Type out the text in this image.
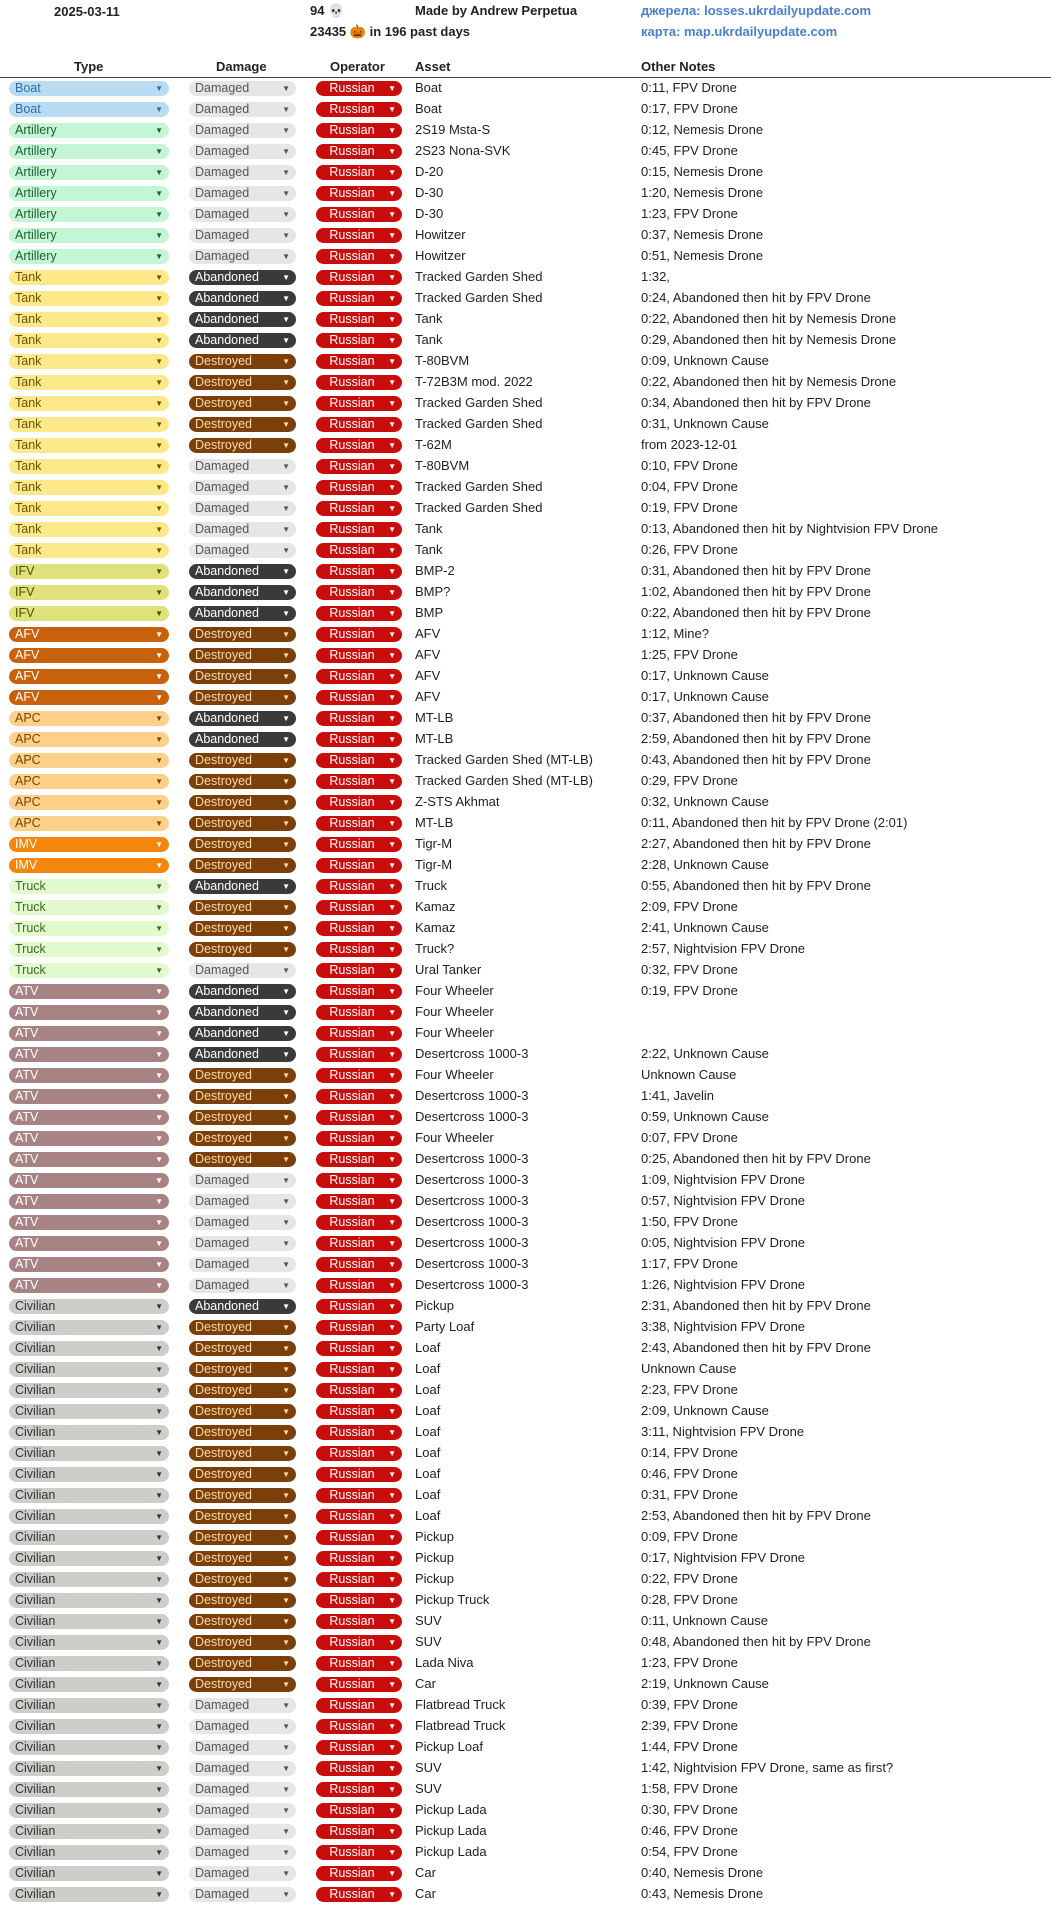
2025-03-11	94 💀
23435 🎃 in 196 past days
Made by Andrew Perpetua	джерела: losses.ukrdailyupdate.com
карта: map.ukrdailyupdate.com
Type	Damage	Operator Asset	Other Notes
Boat	▼	Damaged	▼	Russian ▼ Boat	0:11, FPV Drone
Boat	▼	Damaged	▼	Russian ▼ Boat	0:17, FPV Drone
Artillery	▼	Damaged	▼	Russian ▼ 2S19 Msta-S	0:12, Nemesis Drone
Artillery	▼	Damaged	▼	Russian ▼ 2S23 Nona-SVK	0:45, FPV Drone
Artillery	▼	Damaged	▼	Russian ▼ D-20	0:15, Nemesis Drone
Artillery	▼	Damaged	▼	Russian ▼ D-30	1:20, Nemesis Drone
Artillery	▼	Damaged	▼	Russian ▼ D-30	1:23, FPV Drone
Artillery	▼	Damaged	▼	Russian ▼ Howitzer	0:37, Nemesis Drone
Artillery	▼	Damaged	▼	Russian ▼ Howitzer	0:51, Nemesis Drone
Tank	▼	Abandoned	▼	Russian ▼ Tracked Garden Shed	1:32,
Tank	▼	Abandoned	▼	Russian ▼ Tracked Garden Shed	0:24, Abandoned then hit by FPV Drone
Tank	▼	Abandoned	▼	Russian ▼ Tank	0:22, Abandoned then hit by Nemesis Drone
Tank	▼	Abandoned	▼	Russian ▼ Tank	0:29, Abandoned then hit by Nemesis Drone
Tank	▼	Destroyed	▼	Russian ▼ T-80BVM	0:09, Unknown Cause
Tank	▼	Destroyed	▼	Russian ▼ T-72B3M mod. 2022	0:22, Abandoned then hit by Nemesis Drone
Tank	▼	Destroyed	▼	Russian ▼ Tracked Garden Shed	0:34, Abandoned then hit by FPV Drone
Tank	▼	Destroyed	▼	Russian ▼ Tracked Garden Shed	0:31, Unknown Cause
Tank	▼	Destroyed	▼	Russian ▼ T-62M	from 2023-12-01
Tank	▼	Damaged	▼	Russian ▼ T-80BVM	0:10, FPV Drone
Tank	▼	Damaged	▼	Russian ▼ Tracked Garden Shed	0:04, FPV Drone
Tank	▼	Damaged	▼	Russian ▼ Tracked Garden Shed	0:19, FPV Drone
Tank	▼	Damaged	▼	Russian ▼ Tank	0:13, Abandoned then hit by Nightvision FPV Drone
Tank	▼	Damaged	▼	Russian ▼ Tank	0:26, FPV Drone
IFV	▼	Abandoned	▼	Russian ▼ BMP-2	0:31, Abandoned then hit by FPV Drone
IFV	▼	Abandoned	▼	Russian ▼ BMP?	1:02, Abandoned then hit by FPV Drone
IFV	▼	Abandoned	▼	Russian ▼ BMP	0:22, Abandoned then hit by FPV Drone
AFV	▼	Destroyed	▼	Russian ▼ AFV	1:12, Mine?
AFV	▼	Destroyed	▼	Russian ▼ AFV	1:25, FPV Drone
AFV	▼	Destroyed	▼	Russian ▼ AFV	0:17, Unknown Cause
AFV	▼	Destroyed	▼	Russian ▼ AFV	0:17, Unknown Cause
APC	▼	Abandoned	▼	Russian ▼ MT-LB	0:37, Abandoned then hit by FPV Drone
APC	▼	Abandoned	▼	Russian ▼ MT-LB	2:59, Abandoned then hit by FPV Drone
APC	▼	Destroyed	▼	Russian ▼ Tracked Garden Shed (MT-LB)	0:43, Abandoned then hit by FPV Drone
APC	▼	Destroyed	▼	Russian ▼ Tracked Garden Shed (MT-LB)	0:29, FPV Drone
APC	▼	Destroyed	▼	Russian ▼ Z-STS Akhmat	0:32, Unknown Cause
APC	▼	Destroyed	▼	Russian ▼ MT-LB	0:11, Abandoned then hit by FPV Drone (2:01)
IMV	▼	Destroyed	▼	Russian ▼ Tigr-M	2:27, Abandoned then hit by FPV Drone
IMV	▼	Destroyed	▼	Russian ▼ Tigr-M	2:28, Unknown Cause
Truck	▼	Abandoned	▼	Russian ▼ Truck	0:55, Abandoned then hit by FPV Drone
Truck	▼	Destroyed	▼	Russian ▼ Kamaz	2:09, FPV Drone
Truck	▼	Destroyed	▼	Russian ▼ Kamaz	2:41, Unknown Cause
Truck	▼	Destroyed	▼	Russian ▼ Truck?	2:57, Nightvision FPV Drone
Truck	▼	Damaged	▼	Russian ▼ Ural Tanker	0:32, FPV Drone
ATV	▼	Abandoned	▼	Russian ▼ Four Wheeler	0:19, FPV Drone
ATV	▼	Abandoned	▼	Russian ▼ Four Wheeler
ATV	▼	Abandoned	▼	Russian ▼ Four Wheeler
ATV	▼	Abandoned	▼	Russian ▼ Desertcross 1000-3	2:22, Unknown Cause
ATV	▼	Destroyed	▼	Russian ▼ Four Wheeler	Unknown Cause
ATV	▼	Destroyed	▼	Russian ▼ Desertcross 1000-3	1:41, Javelin
ATV	▼	Destroyed	▼	Russian ▼ Desertcross 1000-3	0:59, Unknown Cause
ATV	▼	Destroyed	▼	Russian ▼ Four Wheeler	0:07, FPV Drone
ATV	▼	Destroyed	▼	Russian ▼ Desertcross 1000-3	0:25, Abandoned then hit by FPV Drone
ATV	▼	Damaged	▼	Russian ▼ Desertcross 1000-3	1:09, Nightvision FPV Drone
ATV	▼	Damaged	▼	Russian ▼ Desertcross 1000-3	0:57, Nightvision FPV Drone
ATV	▼	Damaged	▼	Russian ▼ Desertcross 1000-3	1:50, FPV Drone
ATV	▼	Damaged	▼	Russian ▼ Desertcross 1000-3	0:05, Nightvision FPV Drone
ATV	▼	Damaged	▼	Russian ▼ Desertcross 1000-3	1:17, FPV Drone
ATV	▼	Damaged	▼	Russian ▼ Desertcross 1000-3	1:26, Nightvision FPV Drone
Civilian	▼	Abandoned	▼	Russian ▼ Pickup	2:31, Abandoned then hit by FPV Drone
Civilian	▼	Destroyed	▼	Russian ▼ Party Loaf	3:38, Nightvision FPV Drone
Civilian	▼	Destroyed	▼	Russian ▼ Loaf	2:43, Abandoned then hit by FPV Drone
Civilian	▼	Destroyed	▼	Russian ▼ Loaf	Unknown Cause
Civilian	▼	Destroyed	▼	Russian ▼ Loaf	2:23, FPV Drone
Civilian	▼	Destroyed	▼	Russian ▼ Loaf	2:09, Unknown Cause
Civilian	▼	Destroyed	▼	Russian ▼ Loaf	3:11, Nightvision FPV Drone
Civilian	▼	Destroyed	▼	Russian ▼ Loaf	0:14, FPV Drone
Civilian	▼	Destroyed	▼	Russian ▼ Loaf	0:46, FPV Drone
Civilian	▼	Destroyed	▼	Russian ▼ Loaf	0:31, FPV Drone
Civilian	▼	Destroyed	▼	Russian ▼ Loaf	2:53, Abandoned then hit by FPV Drone
Civilian	▼	Destroyed	▼	Russian ▼ Pickup	0:09, FPV Drone
Civilian	▼	Destroyed	▼	Russian ▼ Pickup	0:17, Nightvision FPV Drone
Civilian	▼	Destroyed	▼	Russian ▼ Pickup	0:22, FPV Drone
Civilian	▼	Destroyed	▼	Russian ▼ Pickup Truck	0:28, FPV Drone
Civilian	▼	Destroyed	▼	Russian ▼ SUV	0:11, Unknown Cause
Civilian	▼	Destroyed	▼	Russian ▼ SUV	0:48, Abandoned then hit by FPV Drone
Civilian	▼	Destroyed	▼	Russian ▼ Lada Niva	1:23, FPV Drone
Civilian	▼	Destroyed	▼	Russian ▼ Car	2:19, Unknown Cause
Civilian	▼	Damaged	▼	Russian ▼ Flatbread Truck	0:39, FPV Drone
Civilian	▼	Damaged	▼	Russian ▼ Flatbread Truck	2:39, FPV Drone
Civilian	▼	Damaged	▼	Russian ▼ Pickup Loaf	1:44, FPV Drone
Civilian	▼	Damaged	▼	Russian ▼ SUV	1:42, Nightvision FPV Drone, same as first?
Civilian	▼	Damaged	▼	Russian ▼ SUV	1:58, FPV Drone
Civilian	▼	Damaged	▼	Russian ▼ Pickup Lada	0:30, FPV Drone
Civilian	▼	Damaged	▼	Russian ▼ Pickup Lada	0:46, FPV Drone
Civilian	▼	Damaged	▼	Russian ▼ Pickup Lada	0:54, FPV Drone
Civilian	▼	Damaged	▼	Russian ▼ Car	0:40, Nemesis Drone
Civilian	▼	Damaged	▼	Russian ▼ Car	0:43, Nemesis Drone
